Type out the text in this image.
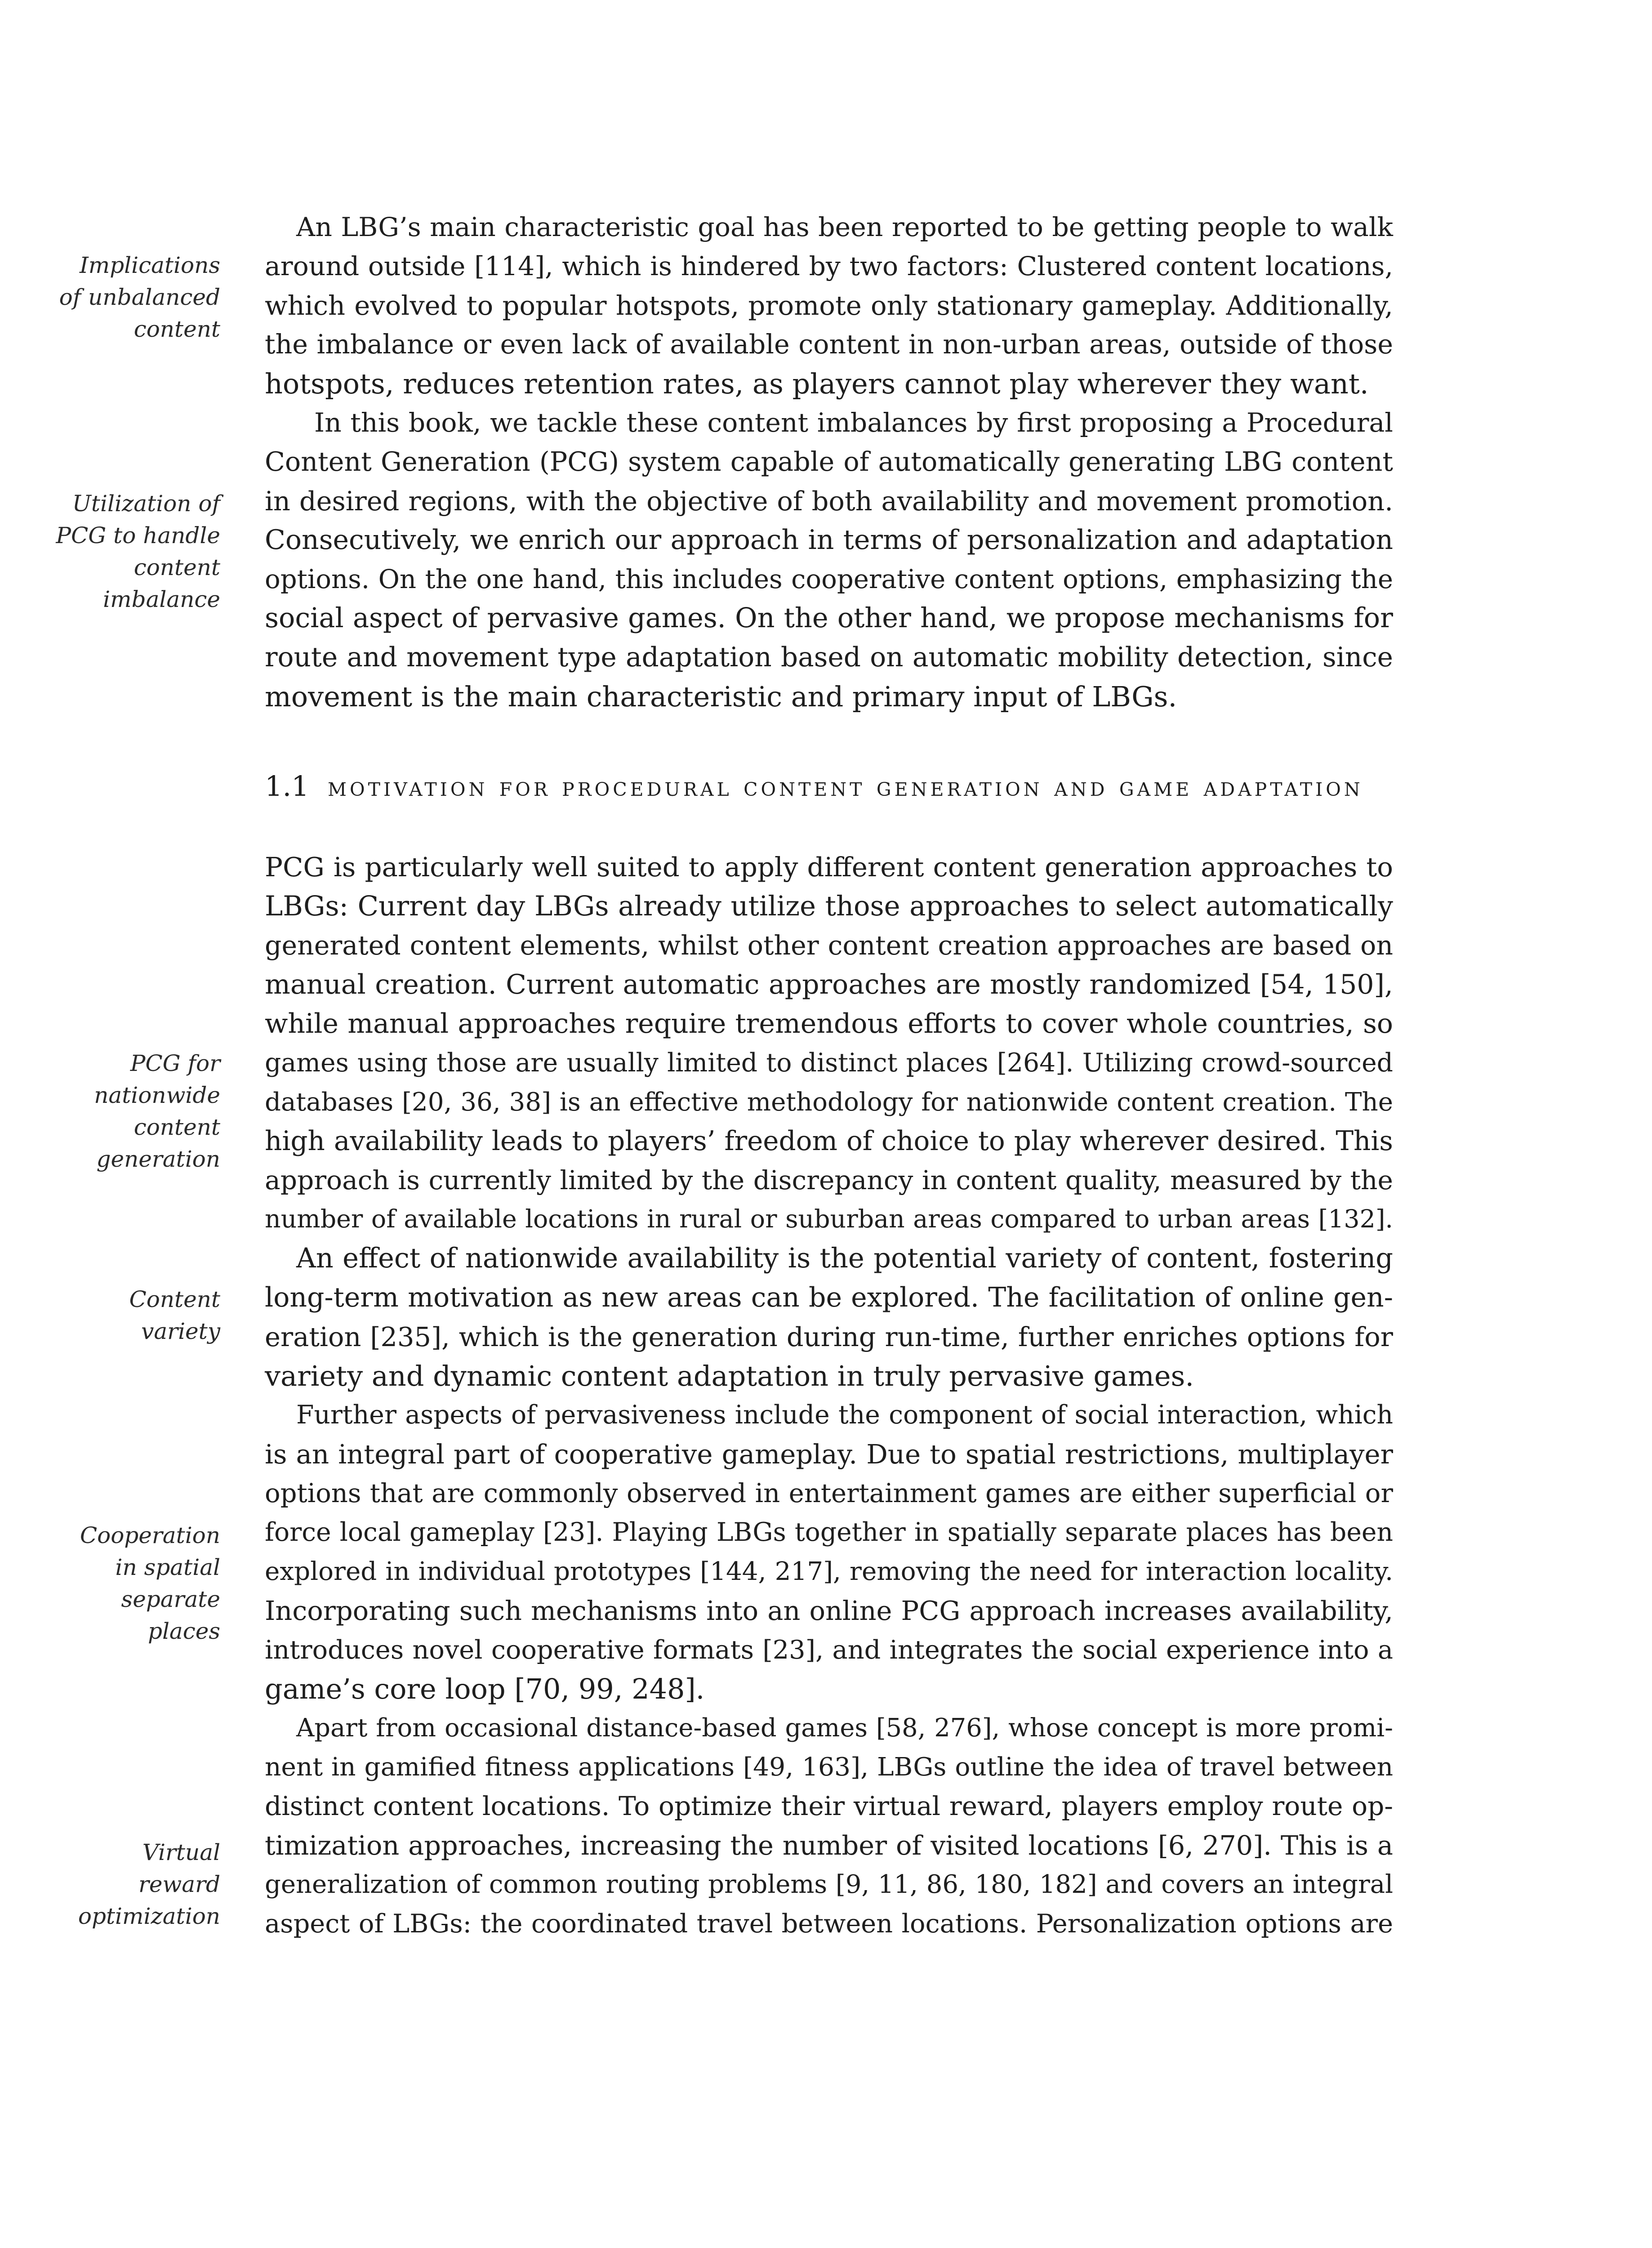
Implications
of unbalanced
content
Utilization of
PCG to handle
content
imbalance
PCG for
nationwide
content
generation
Content
variety
Cooperation
in spatial
separate
places
Virtual
reward
optimization
An LBG’s main characteristic goal has been reported to be getting people to walk
around outside [114], which is hindered by two factors: Clustered content locations,
which evolved to popular hotspots, promote only stationary gameplay. Additionally,
the imbalance or even lack of available content in non-urban areas, outside of those
hotspots, reduces retention rates, as players cannot play wherever they want.
In this book, we tackle these content imbalances by first proposing a Procedural
Content Generation (PCG) system capable of automatically generating LBG content
in desired regions, with the objective of both availability and movement promotion.
Consecutively, we enrich our approach in terms of personalization and adaptation
options. On the one hand, this includes cooperative content options, emphasizing the
social aspect of pervasive games. On the other hand, we propose mechanisms for
route and movement type adaptation based on automatic mobility detection, since
movement is the main characteristic and primary input of LBGs.
1.1 motivation for procedural content generation and game adaptation
PCG is particularly well suited to apply different content generation approaches to
LBGs: Current day LBGs already utilize those approaches to select automatically
generated content elements, whilst other content creation approaches are based on
manual creation. Current automatic approaches are mostly randomized [54, 150],
while manual approaches require tremendous efforts to cover whole countries, so
games using those are usually limited to distinct places [264]. Utilizing crowd-sourced
databases [20, 36, 38] is an effective methodology for nationwide content creation. The
high availability leads to players’ freedom of choice to play wherever desired. This
approach is currently limited by the discrepancy in content quality, measured by the
number of available locations in rural or suburban areas compared to urban areas [132].
An effect of nationwide availability is the potential variety of content, fostering
long-term motivation as new areas can be explored. The facilitation of online gen-
eration [235], which is the generation during run-time, further enriches options for
variety and dynamic content adaptation in truly pervasive games.
Further aspects of pervasiveness include the component of social interaction, which
is an integral part of cooperative gameplay. Due to spatial restrictions, multiplayer
options that are commonly observed in entertainment games are either superficial or
force local gameplay [23]. Playing LBGs together in spatially separate places has been
explored in individual prototypes [144, 217], removing the need for interaction locality.
Incorporating such mechanisms into an online PCG approach increases availability,
introduces novel cooperative formats [23], and integrates the social experience into a
game’s core loop [70, 99, 248].
Apart from occasional distance-based games [58, 276], whose concept is more promi-
nent in gamified fitness applications [49, 163], LBGs outline the idea of travel between
distinct content locations. To optimize their virtual reward, players employ route op-
timization approaches, increasing the number of visited locations [6, 270]. This is a
generalization of common routing problems [9, 11, 86, 180, 182] and covers an integral
aspect of LBGs: the coordinated travel between locations. Personalization options are
